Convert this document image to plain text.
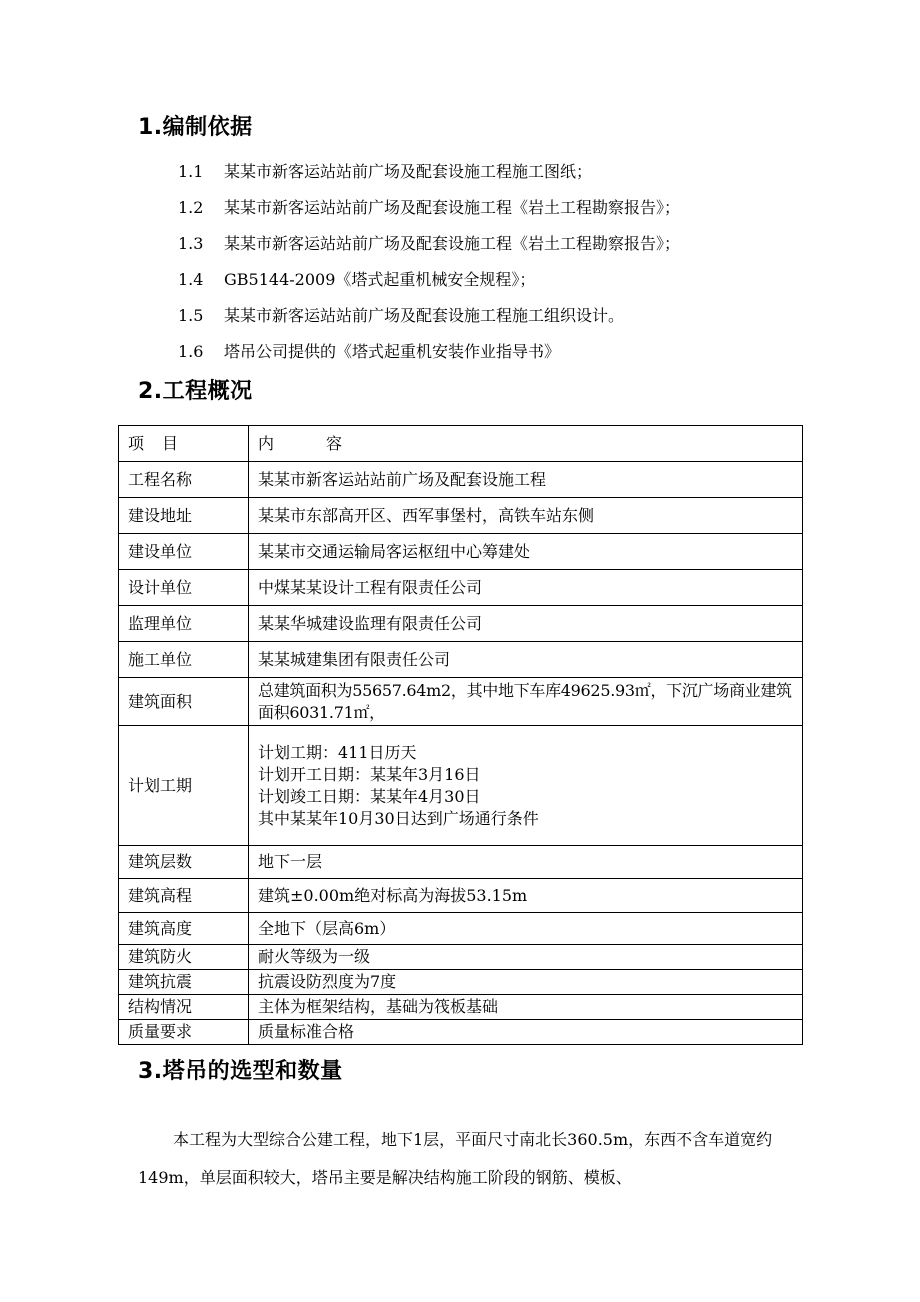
1.编制依据
1.1 某某市新客运站站前广场及配套设施工程施工图纸；
1.2 某某市新客运站站前广场及配套设施工程《岩土工程勘察报告》；
1.3 某某市新客运站站前广场及配套设施工程《岩土工程勘察报告》；
1.4 GB5144-2009《塔式起重机械安全规程》；
1.5 某某市新客运站站前广场及配套设施工程施工组织设计。
1.6 塔吊公司提供的《塔式起重机安装作业指导书》
2.工程概况
项　目	内　　　容
工程名称	某某市新客运站站前广场及配套设施工程
建设地址	某某市东部高开区、西军事堡村，高铁车站东侧
建设单位	某某市交通运输局客运枢纽中心筹建处
设计单位	中煤某某设计工程有限责任公司
监理单位	某某华城建设监理有限责任公司
施工单位	某某城建集团有限责任公司
建筑面积	总建筑面积为55657.64m2，其中地下车库49625.93㎡，下沉广场商业建筑面积6031.71㎡，
计划工期	计划工期：411日历天
计划开工日期：某某年3月16日
计划竣工日期：某某年4月30日
其中某某年10月30日达到广场通行条件

建筑层数	地下一层
建筑高程	建筑±0.00m绝对标高为海拔53.15m
建筑高度	全地下（层高6m）
建筑防火	耐火等级为一级
建筑抗震	抗震设防烈度为7度
结构情况	主体为框架结构，基础为筏板基础
质量要求	质量标准合格
3.塔吊的选型和数量
本工程为大型综合公建工程，地下1层，平面尺寸南北长360.5m，东西不含车道宽约149m，单层面积较大，塔吊主要是解决结构施工阶段的钢筋、模板、
